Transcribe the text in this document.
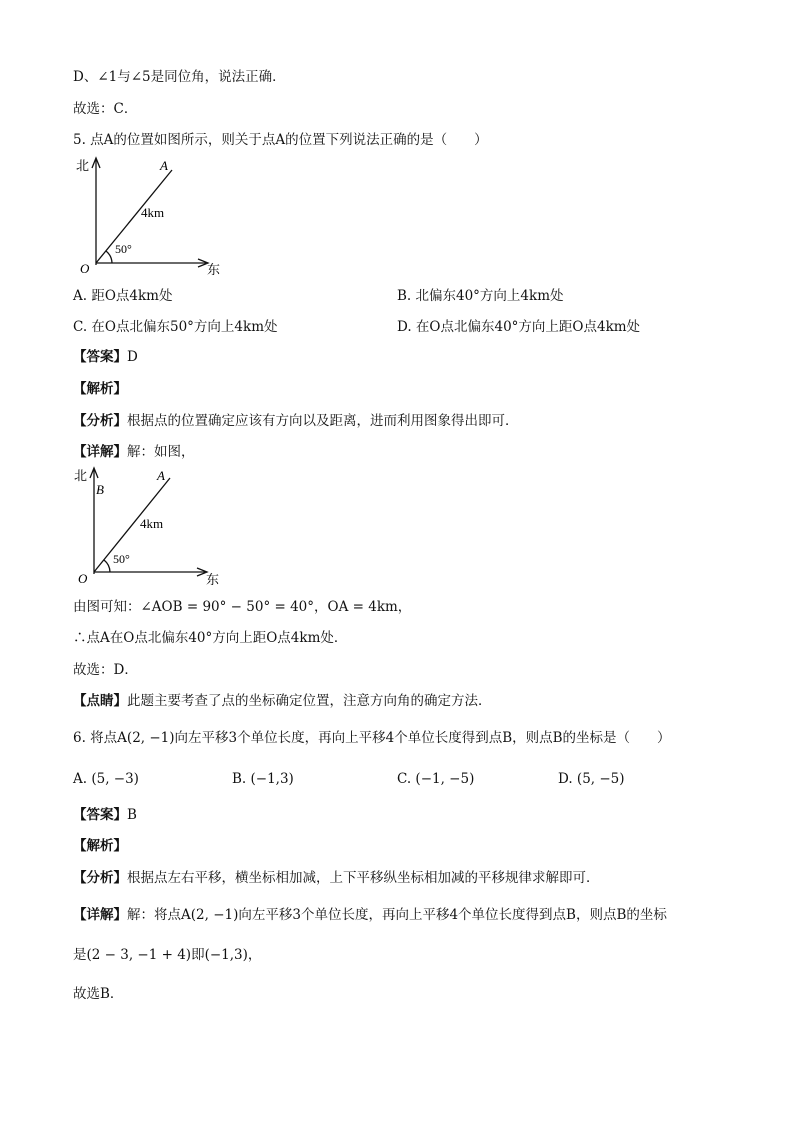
D、∠1与∠5是同位角，说法正确．
故选：C．
5. 点A的位置如图所示，则关于点A的位置下列说法正确的是（　　）
北
东
O
A
4km
50°
A. 距O点4km处	B. 北偏东40°方向上4km处
C. 在O点北偏东50°方向上4km处	D. 在O点北偏东40°方向上距O点4km处
【答案】D
【解析】
【分析】根据点的位置确定应该有方向以及距离，进而利用图象得出即可．
【详解】解：如图，
北
B
东
O
A
4km
50°
由图可知：∠AOB = 90° − 50° = 40°，OA = 4km，
∴点A在O点北偏东40°方向上距O点4km处．
故选：D．
【点睛】此题主要考查了点的坐标确定位置，注意方向角的确定方法．
6. 将点A(2, −1)向左平移3个单位长度，再向上平移4个单位长度得到点B，则点B的坐标是（　　）
A. (5, −3)	B. (−1,3)	C. (−1, −5)	D. (5, −5)
【答案】B
【解析】
【分析】根据点左右平移，横坐标相加减，上下平移纵坐标相加减的平移规律求解即可．
【详解】解：将点A(2, −1)向左平移3个单位长度，再向上平移4个单位长度得到点B，则点B的坐标
是(2 − 3, −1 + 4)即(−1,3)，
故选B．
